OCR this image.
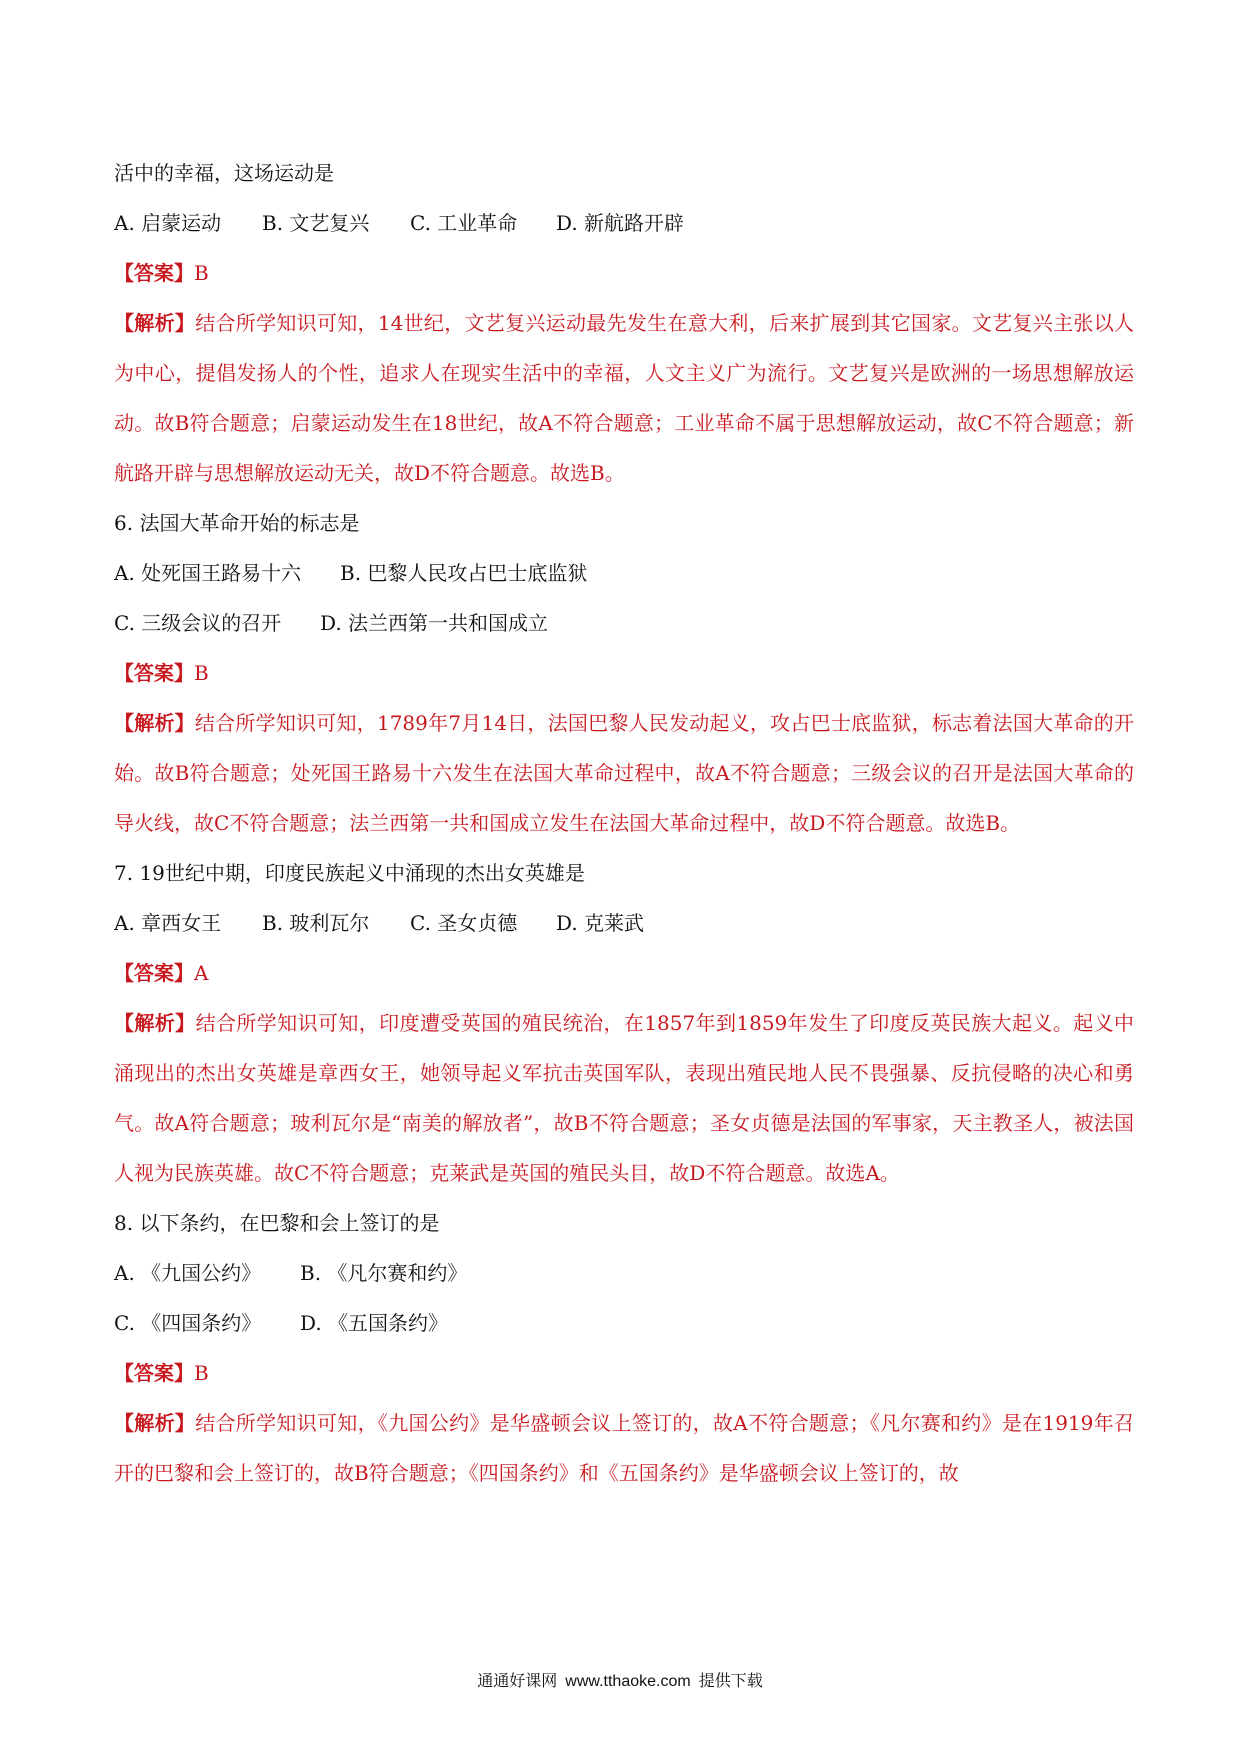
活中的幸福，这场运动是

A. 启蒙运动 B. 文艺复兴 C. 工业革命 D. 新航路开辟

【答案】B

【解析】结合所学知识可知，14世纪，文艺复兴运动最先发生在意大利，后来扩展到其它国家。文艺复兴主张以人为中心，提倡发扬人的个性，追求人在现实生活中的幸福，人文主义广为流行。文艺复兴是欧洲的一场思想解放运动。故B符合题意；启蒙运动发生在18世纪，故A不符合题意；工业革命不属于思想解放运动，故C不符合题意；新航路开辟与思想解放运动无关，故D不符合题意。故选B。

6. 法国大革命开始的标志是

A. 处死国王路易十六 B. 巴黎人民攻占巴士底监狱

C. 三级会议的召开 D. 法兰西第一共和国成立

【答案】B

【解析】结合所学知识可知，1789年7月14日，法国巴黎人民发动起义，攻占巴士底监狱，标志着法国大革命的开始。故B符合题意；处死国王路易十六发生在法国大革命过程中，故A不符合题意；三级会议的召开是法国大革命的导火线，故C不符合题意；法兰西第一共和国成立发生在法国大革命过程中，故D不符合题意。故选B。

7. 19世纪中期，印度民族起义中涌现的杰出女英雄是

A. 章西女王 B. 玻利瓦尔 C. 圣女贞德 D. 克莱武

【答案】A

【解析】结合所学知识可知，印度遭受英国的殖民统治，在1857年到1859年发生了印度反英民族大起义。起义中涌现出的杰出女英雄是章西女王，她领导起义军抗击英国军队，表现出殖民地人民不畏强暴、反抗侵略的决心和勇气。故A符合题意；玻利瓦尔是“南美的解放者”，故B不符合题意；圣女贞德是法国的军事家，天主教圣人，被法国人视为民族英雄。故C不符合题意；克莱武是英国的殖民头目，故D不符合题意。故选A。

8. 以下条约，在巴黎和会上签订的是

A. 《九国公约》 B. 《凡尔赛和约》

C. 《四国条约》 D. 《五国条约》

【答案】B

【解析】结合所学知识可知，《九国公约》是华盛顿会议上签订的，故A不符合题意；《凡尔赛和约》是在1919年召开的巴黎和会上签订的，故B符合题意；《四国条约》和《五国条约》是华盛顿会议上签订的，故

通通好课网 www.tthaoke.com 提供下载
